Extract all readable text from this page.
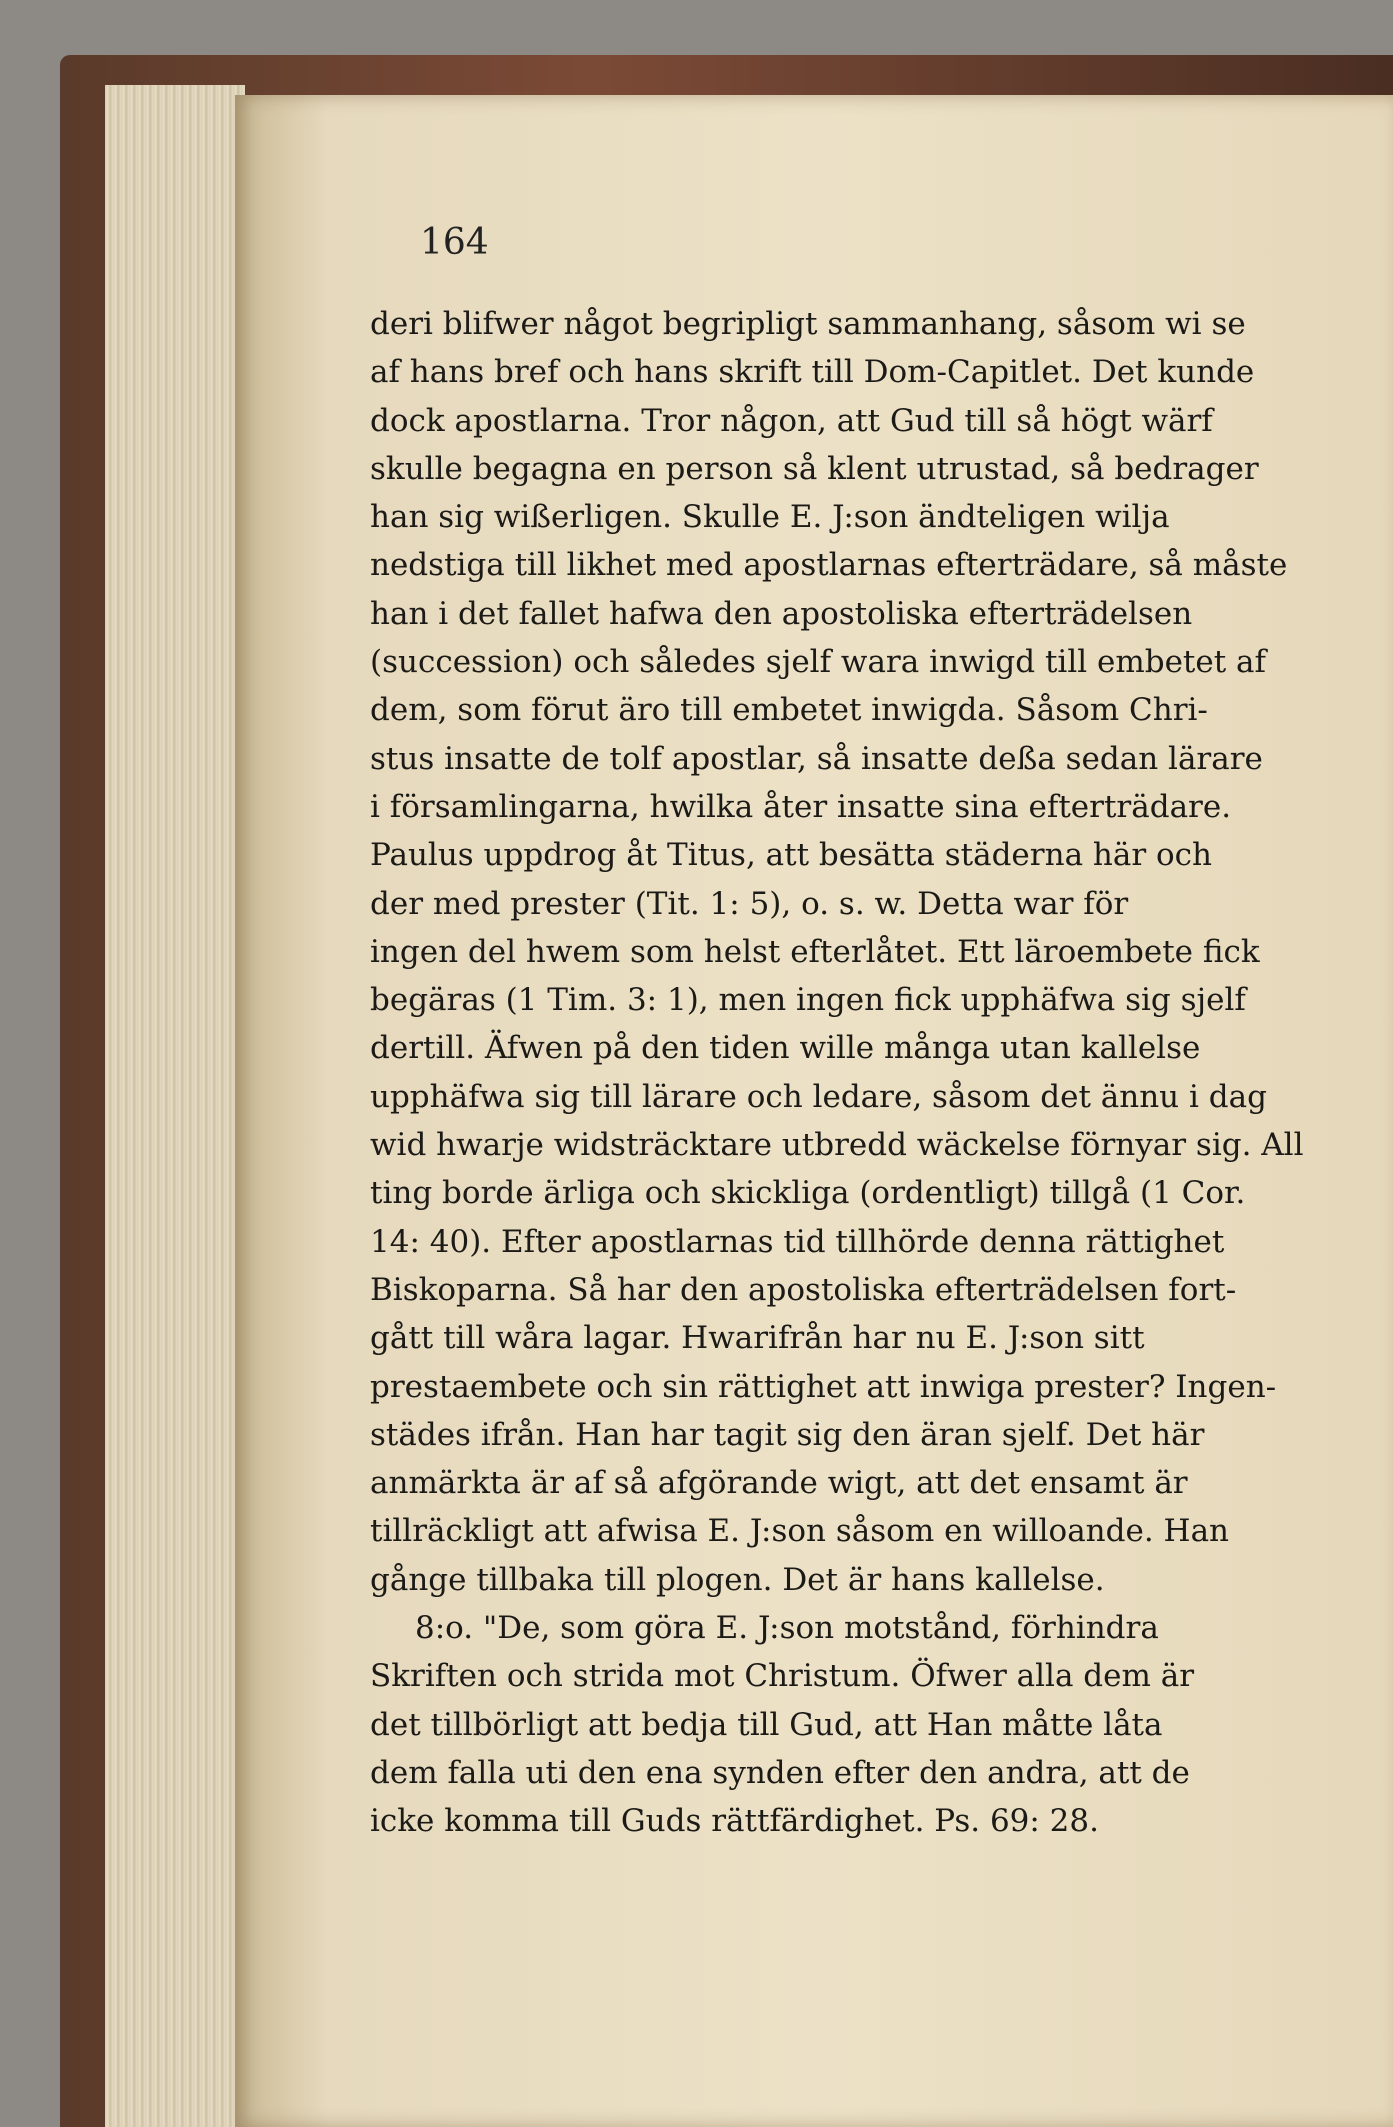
164
deri blifwer något begripligt sammanhang, såsom wi se
af hans bref och hans skrift till Dom-Capitlet. Det kunde
dock apostlarna. Tror någon, att Gud till så högt wärf
skulle begagna en person så klent utrustad, så bedrager
han sig wißerligen. Skulle E. J:son ändteligen wilja
nedstiga till likhet med apostlarnas efterträdare, så måste
han i det fallet hafwa den apostoliska efterträdelsen
(succession) och således sjelf wara inwigd till embetet af
dem, som förut äro till embetet inwigda. Såsom Chri-
stus insatte de tolf apostlar, så insatte deßa sedan lärare
i församlingarna, hwilka åter insatte sina efterträdare.
Paulus uppdrog åt Titus, att besätta städerna här och
der med prester (Tit. 1: 5), o. s. w. Detta war för
ingen del hwem som helst efterlåtet. Ett läroembete fick
begäras (1 Tim. 3: 1), men ingen fick upphäfwa sig sjelf
dertill. Äfwen på den tiden wille många utan kallelse
upphäfwa sig till lärare och ledare, såsom det ännu i dag
wid hwarje widsträcktare utbredd wäckelse förnyar sig. All
ting borde ärliga och skickliga (ordentligt) tillgå (1 Cor.
14: 40). Efter apostlarnas tid tillhörde denna rättighet
Biskoparna. Så har den apostoliska efterträdelsen fort-
gått till wåra lagar. Hwarifrån har nu E. J:son sitt
prestaembete och sin rättighet att inwiga prester? Ingen-
städes ifrån. Han har tagit sig den äran sjelf. Det här
anmärkta är af så afgörande wigt, att det ensamt är
tillräckligt att afwisa E. J:son såsom en willoande. Han
gånge tillbaka till plogen. Det är hans kallelse.
8:o. "De, som göra E. J:son motstånd, förhindra
Skriften och strida mot Christum. Öfwer alla dem är
det tillbörligt att bedja till Gud, att Han måtte låta
dem falla uti den ena synden efter den andra, att de
icke komma till Guds rättfärdighet. Ps. 69: 28.
